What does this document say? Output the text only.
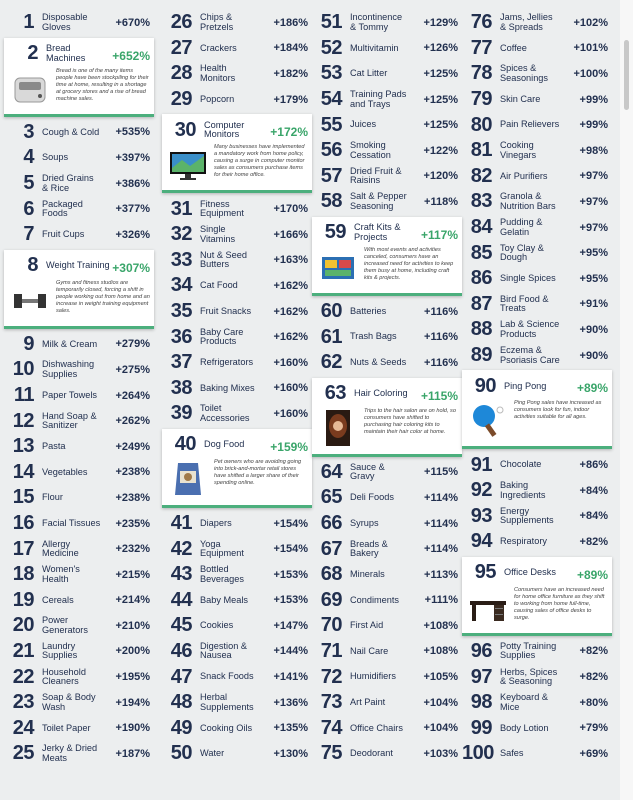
1 Disposable Gloves	+670%
2 Bread Machines	+652%
Bread is one of the many items people have been stockpiling for their time at home, resulting in a shortage at grocery stores and a rise of bread machine sales.
3 Cough & Cold +535%
4 Soups	+397%
5 Dried Grains & Rice	+386%
6 Packaged Foods	+377%
7 Fruit Cups	+326%
8 Weight Training +307%
Gyms and fitness studios are temporarily closed, forcing a shift in people working out from home and an increase in weight training equipment sales.
9 Milk & Cream	+279%
10 Dishwashing Supplies	+275%
11 Paper Towels	+264%
12 Hand Soap & Sanitizer	+262%
13 Pasta	+249%
14 Vegetables	+238%
15 Flour	+238%
16 Facial Tissues +235%
17 Allergy Medicine	+232%
18 Women's Health	+215%
19 Cereals	+214%
20 Power Generators	+210%
21 Laundry Supplies	+200%
22 Household Cleaners	+195%
23 Soap & Body Wash	+194%
24 Toilet Paper	+190%
25 Jerky & Dried Meats	+187%
26 Chips & Pretzels	+186%
27 Crackers	+184%
28 Health Monitors	+182%
29 Popcorn	+179%
30 Computer Monitors	+172%
Many businesses have implemented a mandatory work from home policy, causing a surge in computer monitor sales as consumers purchase items for their home office.
31 Fitness Equipment	+170%
32 Single Vitamins	+166%
33 Nut & Seed Butters	+163%
34 Cat Food	+162%
35 Fruit Snacks	+162%
36 Baby Care Products	+162%
37 Refrigerators	+160%
38 Baking Mixes	+160%
39 Toilet Accessories	+160%
40 Dog Food	+159%
Pet owners who are avoiding going into brick-and-mortar retail stores have shifted a larger share of their spending online.
41 Diapers	+154%
42 Yoga Equipment	+154%
43 Bottled Beverages	+153%
44 Baby Meals	+153%
45 Cookies	+147%
46 Digestion & Nausea	+144%
47 Snack Foods	+141%
48 Herbal Supplements	+136%
49 Cooking Oils	+135%
50 Water	+130%
51 Incontinence & Tommy	+129%
52 Multivitamin	+126%
53 Cat Litter	+125%
54 Training Pads and Trays	+125%
55 Juices	+125%
56 Smoking Cessation	+122%
57 Dried Fruit & Raisins	+120%
58 Salt & Pepper Seasoning	+118%
59 Craft Kits & Projects	+117%
With most events and activities canceled, consumers have an increased need for activities to keep them busy at home, including craft kits & projects.
60 Batteries	+116%
61 Trash Bags	+116%
62 Nuts & Seeds	+116%
63 Hair Coloring	+115%
Trips to the hair salon are on hold, so consumers have shifted to purchasing hair coloring kits to maintain their hair color at home.
64 Sauce & Gravy	+115%
65 Deli Foods	+114%
66 Syrups	+114%
67 Breads & Bakery	+114%
68 Minerals	+113%
69 Condiments	+111%
70 First Aid	+108%
71 Nail Care	+108%
72 Humidifiers	+105%
73 Art Paint	+104%
74 Office Chairs	+104%
75 Deodorant	+103%
76 Jams, Jellies & Spreads	+102%
77 Coffee	+101%
78 Spices & Seasonings	+100%
79 Skin Care	+99%
80 Pain Relievers +99%
81 Cooking Vinegars	+98%
82 Air Purifiers	+97%
83 Granola & Nutrition Bars	+97%
84 Pudding & Gelatin	+97%
85 Toy Clay & Dough	+95%
86 Single Spices	+95%
87 Bird Food & Treats	+91%
88 Lab & Science Products	+90%
89 Eczema & Psoriasis Care +90%
90 Ping Pong	+89%
Ping Pong sales have increased as consumers look for fun, indoor activities suitable for all ages.
91 Chocolate	+86%
92 Baking Ingredients	+84%
93 Energy Supplements	+84%
94 Respiratory	+82%
95 Office Desks	+89%
Consumers have an increased need for home office furniture as they shift to working from home full-time, causing sales of office desks to surge.
96 Potty Training Supplies	+82%
97 Herbs, Spices & Seasoning	+82%
98 Keyboard & Mice	+80%
99 Body Lotion	+79%
100 Safes	+69%
